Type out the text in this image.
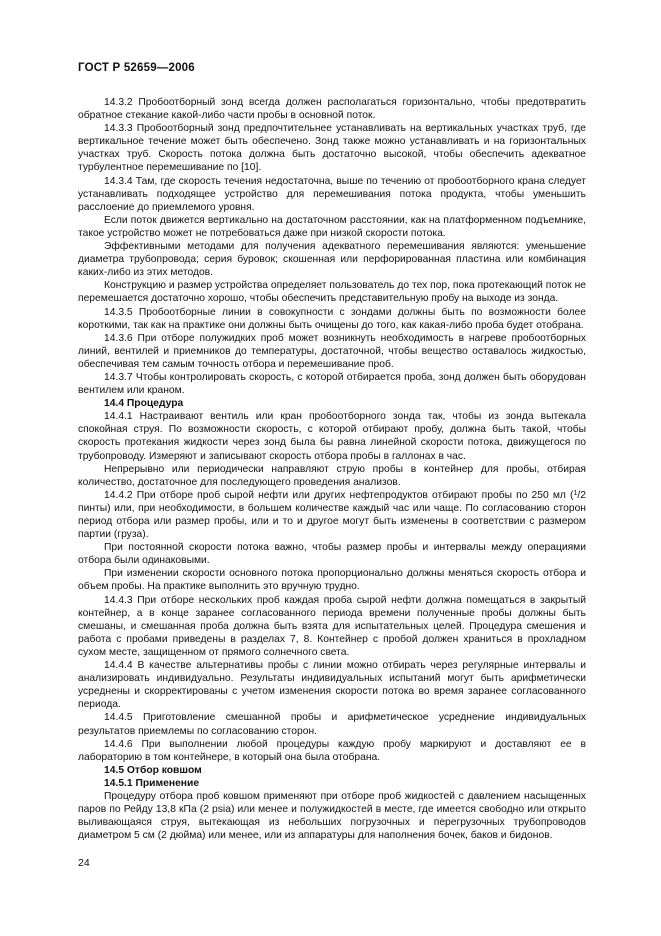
ГОСТ Р 52659—2006

14.3.2 Пробоотборный зонд всегда должен располагаться горизонтально, чтобы предотвратить обратное стекание какой-либо части пробы в основной поток.

14.3.3 Пробоотборный зонд предпочтительнее устанавливать на вертикальных участках труб, где вертикальное течение может быть обеспечено. Зонд также можно устанавливать и на горизонтальных участках труб. Скорость потока должна быть достаточно высокой, чтобы обеспечить адекватное турбулентное перемешивание по [10].

14.3.4 Там, где скорость течения недостаточна, выше по течению от пробоотборного крана следует устанавливать подходящее устройство для перемешивания потока продукта, чтобы уменьшить расслоение до приемлемого уровня.

Если поток движется вертикально на достаточном расстоянии, как на платформенном подъемнике, такое устройство может не потребоваться даже при низкой скорости потока.

Эффективными методами для получения адекватного перемешивания являются: уменьшение диаметра трубопровода; серия буровок; скошенная или перфорированная пластина или комбинация каких-либо из этих методов.

Конструкцию и размер устройства определяет пользователь до тех пор, пока протекающий поток не перемешается достаточно хорошо, чтобы обеспечить представительную пробу на выходе из зонда.

14.3.5 Пробоотборные линии в совокупности с зондами должны быть по возможности более короткими, так как на практике они должны быть очищены до того, как какая-либо проба будет отобрана.

14.3.6 При отборе полужидких проб может возникнуть необходимость в нагреве пробоотборных линий, вентилей и приемников до температуры, достаточной, чтобы вещество оставалось жидкостью, обеспечивая тем самым точность отбора и перемешивание проб.

14.3.7 Чтобы контролировать скорость, с которой отбирается проба, зонд должен быть оборудован вентилем или краном.

14.4 Процедура

14.4.1 Настраивают вентиль или кран пробоотборного зонда так, чтобы из зонда вытекала спокойная струя. По возможности скорость, с которой отбирают пробу, должна быть такой, чтобы скорость протекания жидкости через зонд была бы равна линейной скорости потока, движущегося по трубопроводу. Измеряют и записывают скорость отбора пробы в галлонах в час.

Непрерывно или периодически направляют струю пробы в контейнер для пробы, отбирая количество, достаточное для последующего проведения анализов.

14.4.2 При отборе проб сырой нефти или других нефтепродуктов отбирают пробы по 250 мл ($^1$/2 пинты) или, при необходимости, в большем количестве каждый час или чаще. По согласованию сторон период отбора или размер пробы, или и то и другое могут быть изменены в соответствии с размером партии (груза).

При постоянной скорости потока важно, чтобы размер пробы и интервалы между операциями отбора были одинаковыми.

При изменении скорости основного потока пропорционально должны меняться скорость отбора и объем пробы. На практике выполнить это вручную трудно.

14.4.3 При отборе нескольких проб каждая проба сырой нефти должна помещаться в закрытый контейнер, а в конце заранее согласованного периода времени полученные пробы должны быть смешаны, и смешанная проба должна быть взята для испытательных целей. Процедура смешения и работа с пробами приведены в разделах 7, 8. Контейнер с пробой должен храниться в прохладном сухом месте, защищенном от прямого солнечного света.

14.4.4 В качестве альтернативы пробы с линии можно отбирать через регулярные интервалы и анализировать индивидуально. Результаты индивидуальных испытаний могут быть арифметически усреднены и скорректированы с учетом изменения скорости потока во время заранее согласованного периода.

14.4.5 Приготовление смешанной пробы и арифметическое усреднение индивидуальных результатов приемлемы по согласованию сторон.

14.4.6 При выполнении любой процедуры каждую пробу маркируют и доставляют ее в лабораторию в том контейнере, в который она была отобрана.

14.5 Отбор ковшом

14.5.1 Применение

Процедуру отбора проб ковшом применяют при отборе проб жидкостей с давлением насыщенных паров по Рейду 13,8 кПа (2 psia) или менее и полужидкостей в месте, где имеется свободно или открыто выливающаяся струя, вытекающая из небольших погрузочных и перегрузочных трубопроводов диаметром 5 см (2 дюйма) или менее, или из аппаратуры для наполнения бочек, баков и бидонов.

24
